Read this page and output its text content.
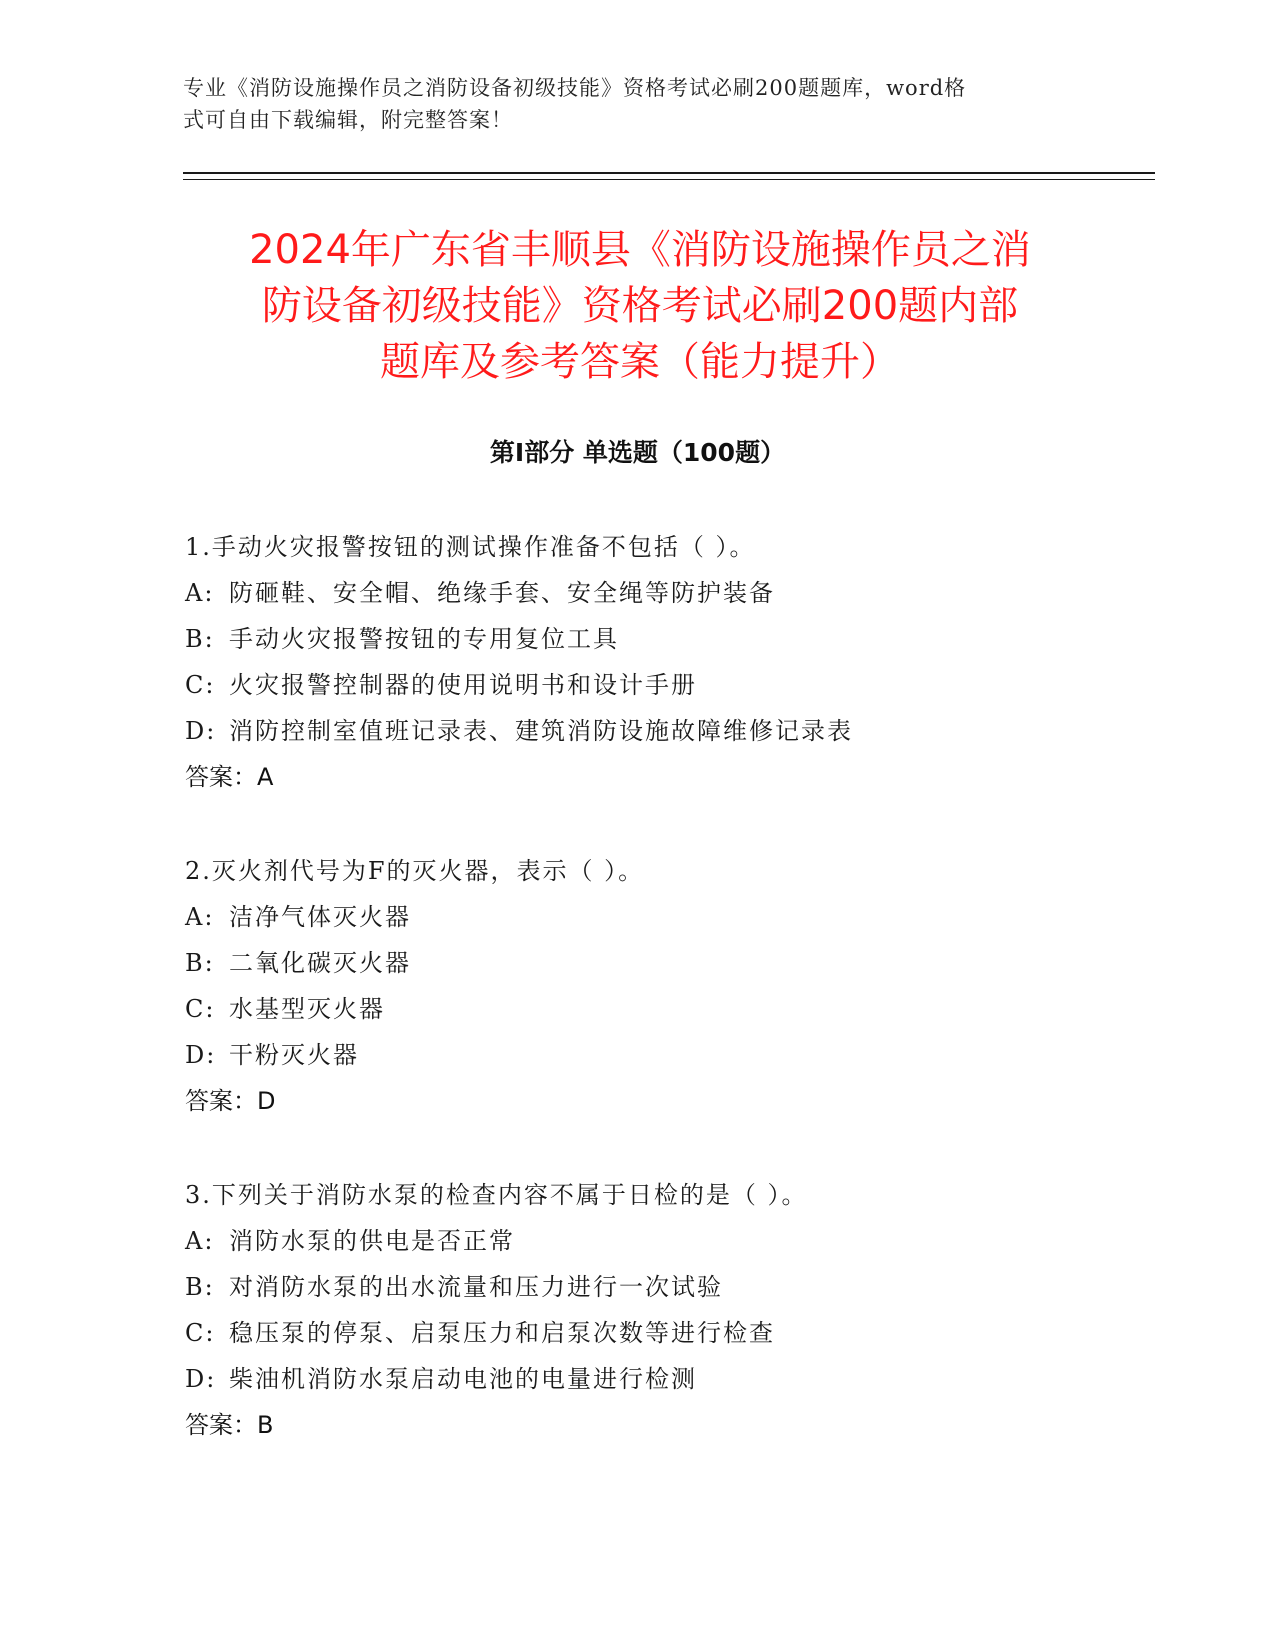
专业《消防设施操作员之消防设备初级技能》资格考试必刷200题题库，word格
式可自由下载编辑，附完整答案！
2024年广东省丰顺县《消防设施操作员之消
防设备初级技能》资格考试必刷200题内部
题库及参考答案（能力提升）
第Ⅰ部分 单选题（100题）
1.手动火灾报警按钮的测试操作准备不包括（ ）。
A: 防砸鞋、安全帽、绝缘手套、安全绳等防护装备
B: 手动火灾报警按钮的专用复位工具
C: 火灾报警控制器的使用说明书和设计手册
D: 消防控制室值班记录表、建筑消防设施故障维修记录表
答案：A
2.灭火剂代号为F的灭火器，表示（ ）。
A: 洁净气体灭火器
B: 二氧化碳灭火器
C: 水基型灭火器
D: 干粉灭火器
答案：D
3.下列关于消防水泵的检查内容不属于日检的是（ ）。
A: 消防水泵的供电是否正常
B: 对消防水泵的出水流量和压力进行一次试验
C: 稳压泵的停泵、启泵压力和启泵次数等进行检查
D: 柴油机消防水泵启动电池的电量进行检测
答案：B
